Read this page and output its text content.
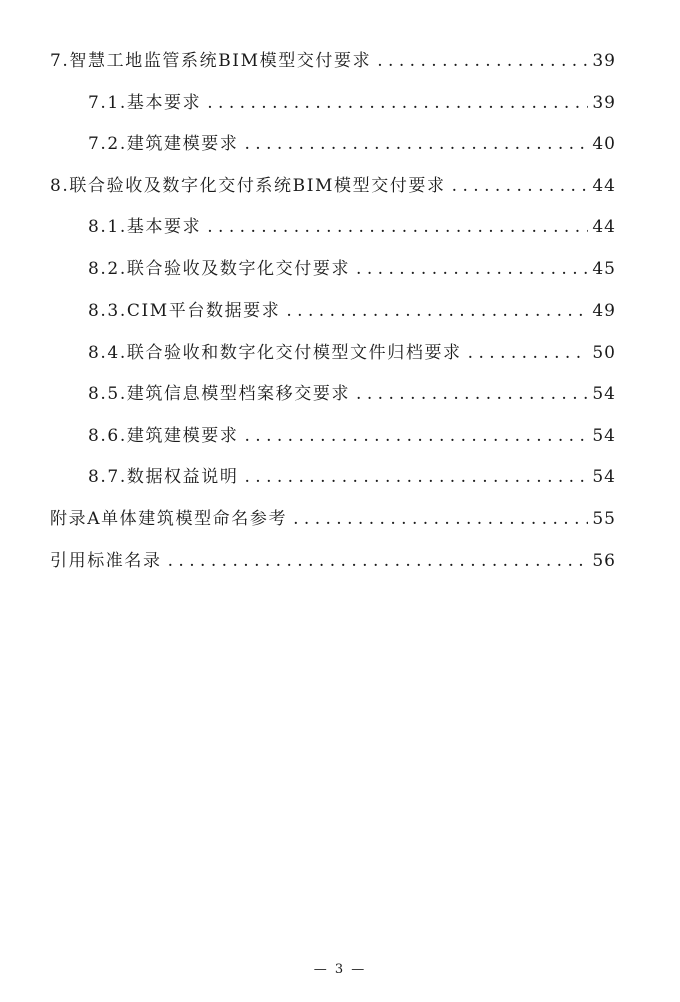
7.智慧工地监管系统BIM模型交付要求 . . .	39
7.1.基本要求 . . .	39
7.2.建筑建模要求 . . .	40
8.联合验收及数字化交付系统BIM模型交付要求 . . .	44
8.1.基本要求 . . .	44
8.2.联合验收及数字化交付要求 . . .	45
8.3.CIM平台数据要求 . . .	49
8.4.联合验收和数字化交付模型文件归档要求 . . .	50
8.5.建筑信息模型档案移交要求 . . .	54
8.6.建筑建模要求 . . .	54
8.7.数据权益说明 . . .	54
附录A单体建筑模型命名参考 . . .	55
引用标准名录 . . .	56
— 3 —
